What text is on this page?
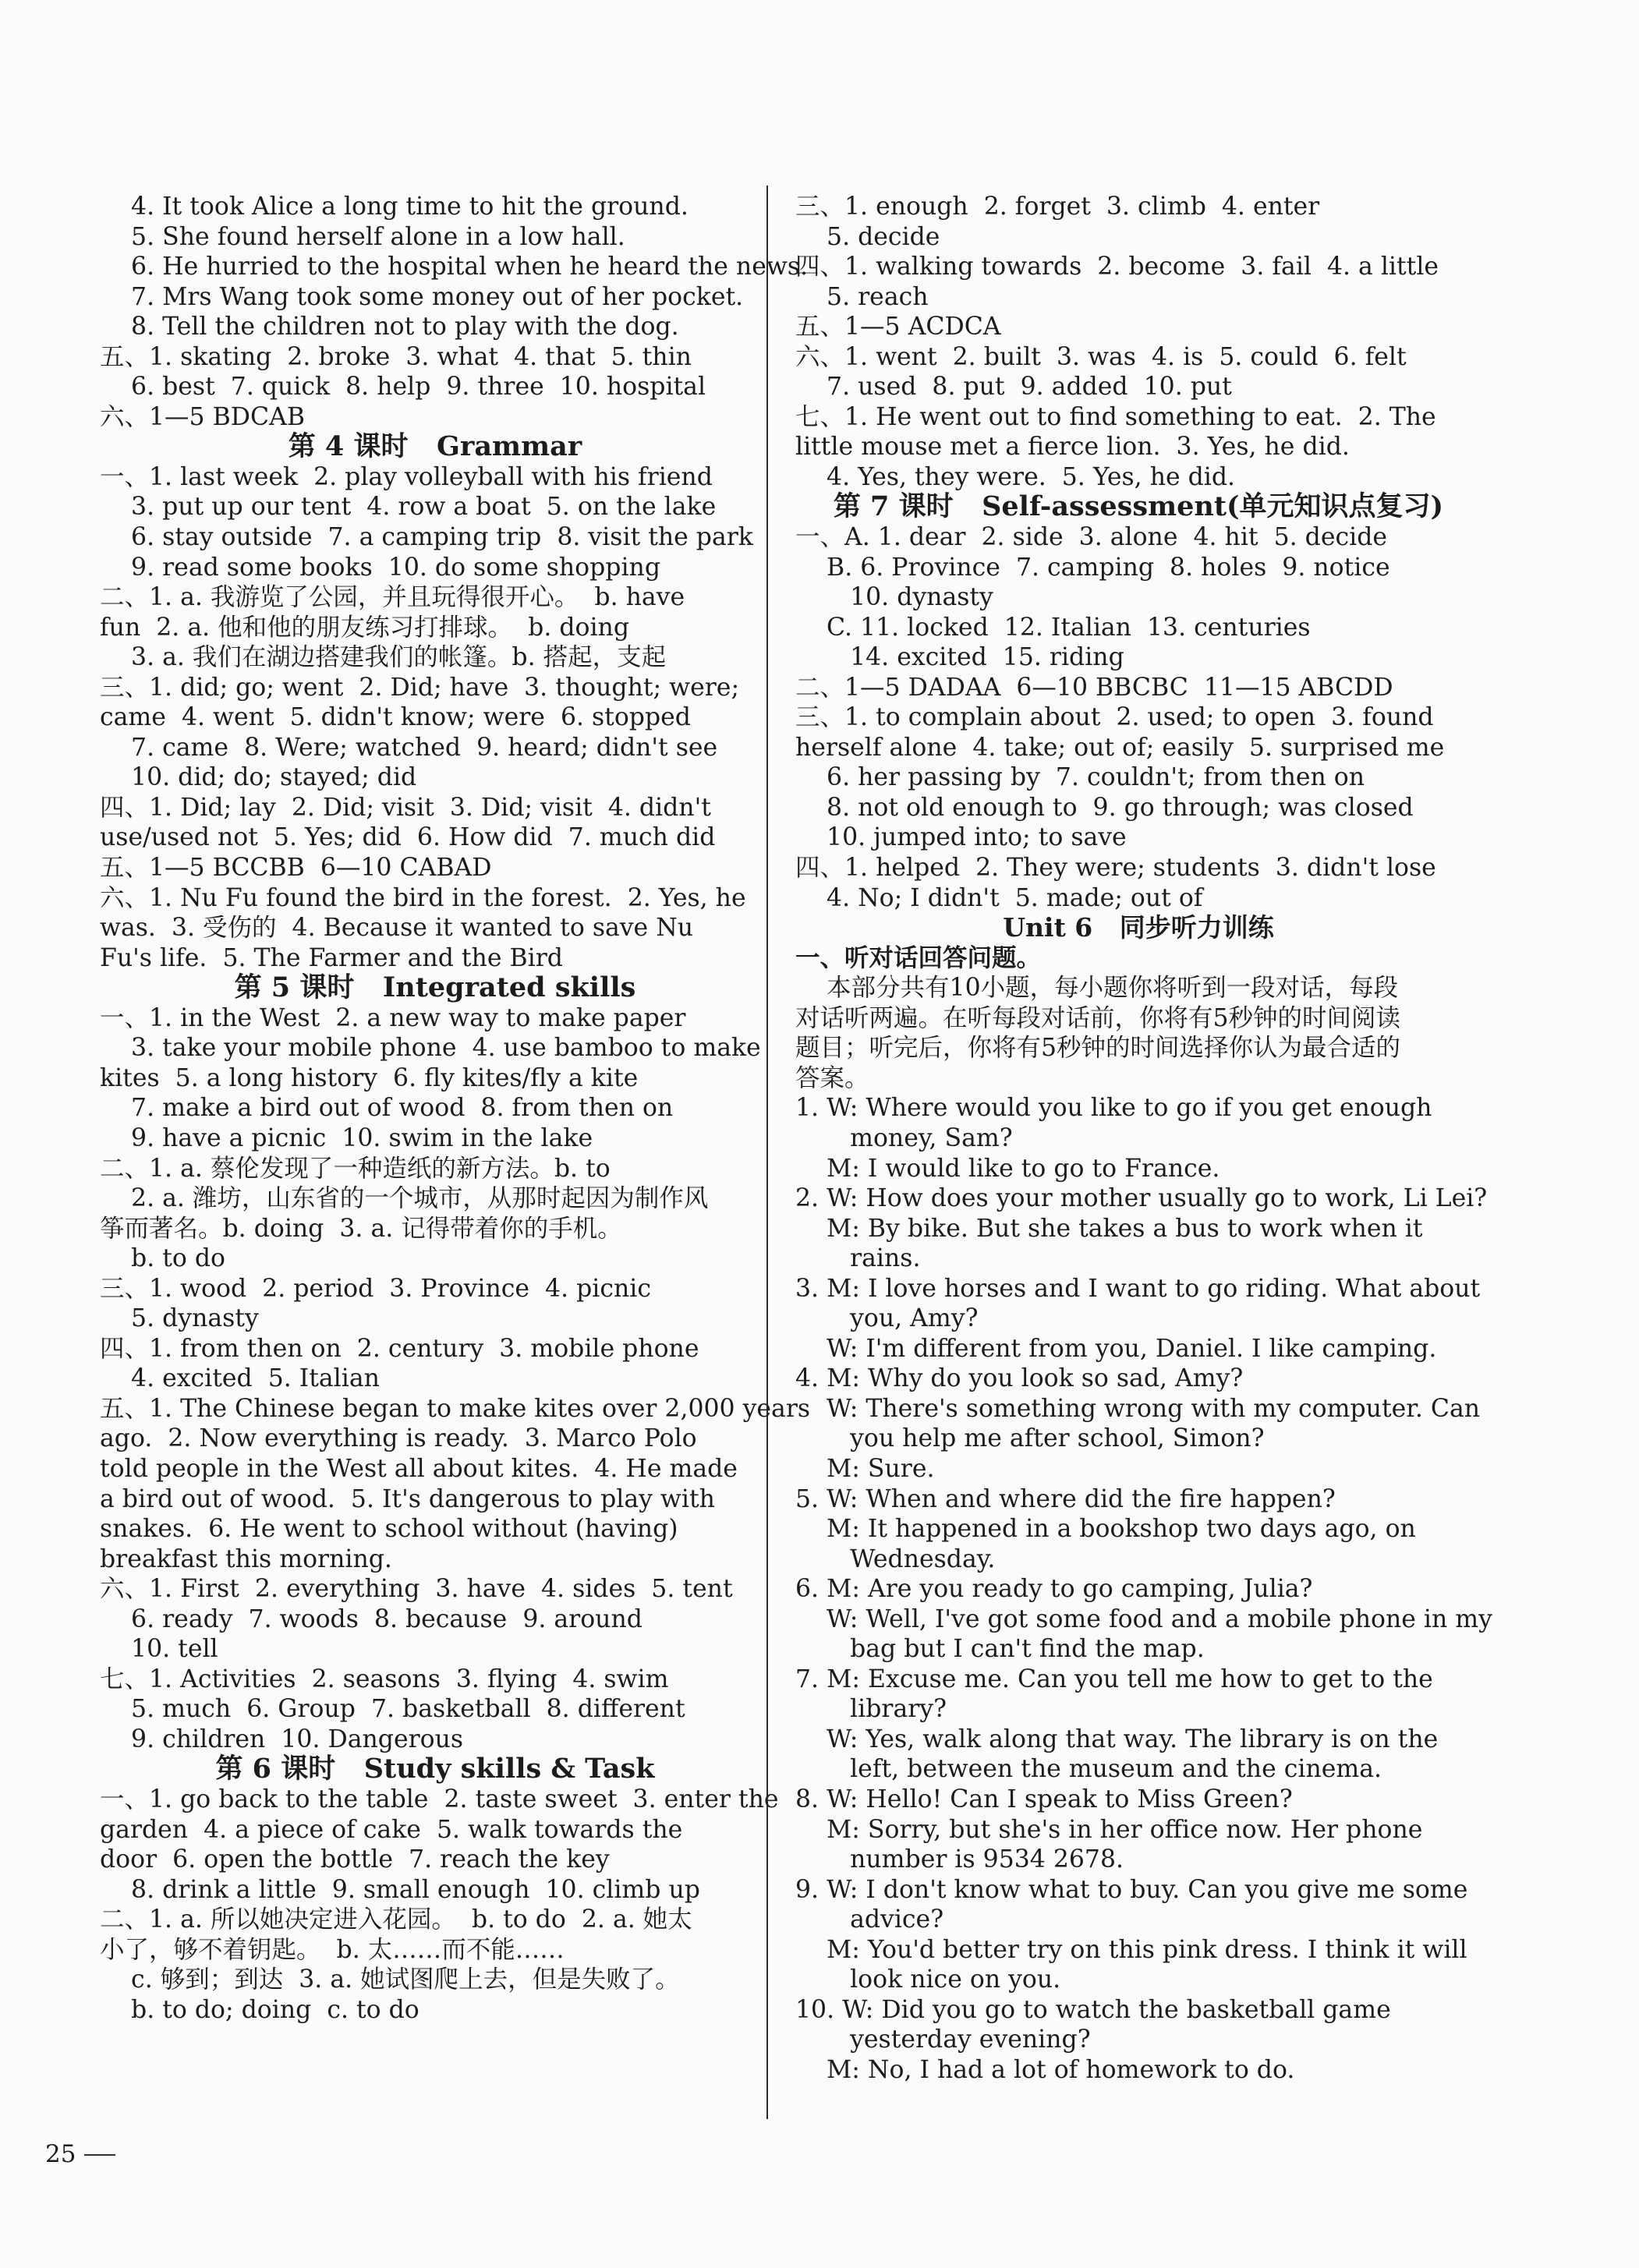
4. It took Alice a long time to hit the ground.
5. She found herself alone in a low hall.
6. He hurried to the hospital when he heard the news.
7. Mrs Wang took some money out of her pocket.
8. Tell the children not to play with the dog.
五、1. skating  2. broke  3. what  4. that  5. thin
6. best  7. quick  8. help  9. three  10. hospital
六、1—5 BDCAB
第 4 课时   Grammar
一、1. last week  2. play volleyball with his friend
3. put up our tent  4. row a boat  5. on the lake
6. stay outside  7. a camping trip  8. visit the park
9. read some books  10. do some shopping
二、1. a. 我游览了公园，并且玩得很开心。  b. have
fun  2. a. 他和他的朋友练习打排球。  b. doing
3. a. 我们在湖边搭建我们的帐篷。b. 搭起，支起
三、1. did; go; went  2. Did; have  3. thought; were;
came  4. went  5. didn't know; were  6. stopped
7. came  8. Were; watched  9. heard; didn't see
10. did; do; stayed; did
四、1. Did; lay  2. Did; visit  3. Did; visit  4. didn't
use/used not  5. Yes; did  6. How did  7. much did
五、1—5 BCCBB  6—10 CABAD
六、1. Nu Fu found the bird in the forest.  2. Yes, he
was.  3. 受伤的  4. Because it wanted to save Nu
Fu's life.  5. The Farmer and the Bird
第 5 课时   Integrated skills
一、1. in the West  2. a new way to make paper
3. take your mobile phone  4. use bamboo to make
kites  5. a long history  6. fly kites/fly a kite
7. make a bird out of wood  8. from then on
9. have a picnic  10. swim in the lake
二、1. a. 蔡伦发现了一种造纸的新方法。b. to
2. a. 潍坊，山东省的一个城市，从那时起因为制作风
筝而著名。b. doing  3. a. 记得带着你的手机。
b. to do
三、1. wood  2. period  3. Province  4. picnic
5. dynasty
四、1. from then on  2. century  3. mobile phone
4. excited  5. Italian
五、1. The Chinese began to make kites over 2,000 years
ago.  2. Now everything is ready.  3. Marco Polo
told people in the West all about kites.  4. He made
a bird out of wood.  5. It's dangerous to play with
snakes.  6. He went to school without (having)
breakfast this morning.
六、1. First  2. everything  3. have  4. sides  5. tent
6. ready  7. woods  8. because  9. around
10. tell
七、1. Activities  2. seasons  3. flying  4. swim
5. much  6. Group  7. basketball  8. different
9. children  10. Dangerous
第 6 课时   Study skills & Task
一、1. go back to the table  2. taste sweet  3. enter the
garden  4. a piece of cake  5. walk towards the
door  6. open the bottle  7. reach the key
8. drink a little  9. small enough  10. climb up
二、1. a. 所以她决定进入花园。  b. to do  2. a. 她太
小了，够不着钥匙。  b. 太……而不能……
c. 够到；到达  3. a. 她试图爬上去，但是失败了。
b. to do; doing  c. to do
三、1. enough  2. forget  3. climb  4. enter
5. decide
四、1. walking towards  2. become  3. fail  4. a little
5. reach
五、1—5 ACDCA
六、1. went  2. built  3. was  4. is  5. could  6. felt
7. used  8. put  9. added  10. put
七、1. He went out to find something to eat.  2. The
little mouse met a fierce lion.  3. Yes, he did.
4. Yes, they were.  5. Yes, he did.
第 7 课时   Self-assessment(单元知识点复习)
一、A. 1. dear  2. side  3. alone  4. hit  5. decide
B. 6. Province  7. camping  8. holes  9. notice
10. dynasty
C. 11. locked  12. Italian  13. centuries
14. excited  15. riding
二、1—5 DADAA  6—10 BBCBC  11—15 ABCDD
三、1. to complain about  2. used; to open  3. found
herself alone  4. take; out of; easily  5. surprised me
6. her passing by  7. couldn't; from then on
8. not old enough to  9. go through; was closed
10. jumped into; to save
四、1. helped  2. They were; students  3. didn't lose
4. No; I didn't  5. made; out of
Unit 6   同步听力训练
一、听对话回答问题。
本部分共有10小题，每小题你将听到一段对话，每段
对话听两遍。在听每段对话前，你将有5秒钟的时间阅读
题目；听完后，你将有5秒钟的时间选择你认为最合适的
答案。
1. W: Where would you like to go if you get enough
money, Sam?
M: I would like to go to France.
2. W: How does your mother usually go to work, Li Lei?
M: By bike. But she takes a bus to work when it
rains.
3. M: I love horses and I want to go riding. What about
you, Amy?
W: I'm different from you, Daniel. I like camping.
4. M: Why do you look so sad, Amy?
W: There's something wrong with my computer. Can
you help me after school, Simon?
M: Sure.
5. W: When and where did the fire happen?
M: It happened in a bookshop two days ago, on
Wednesday.
6. M: Are you ready to go camping, Julia?
W: Well, I've got some food and a mobile phone in my
bag but I can't find the map.
7. M: Excuse me. Can you tell me how to get to the
library?
W: Yes, walk along that way. The library is on the
left, between the museum and the cinema.
8. W: Hello! Can I speak to Miss Green?
M: Sorry, but she's in her office now. Her phone
number is 9534 2678.
9. W: I don't know what to buy. Can you give me some
advice?
M: You'd better try on this pink dress. I think it will
look nice on you.
10. W: Did you go to watch the basketball game
yesterday evening?
M: No, I had a lot of homework to do.
25
